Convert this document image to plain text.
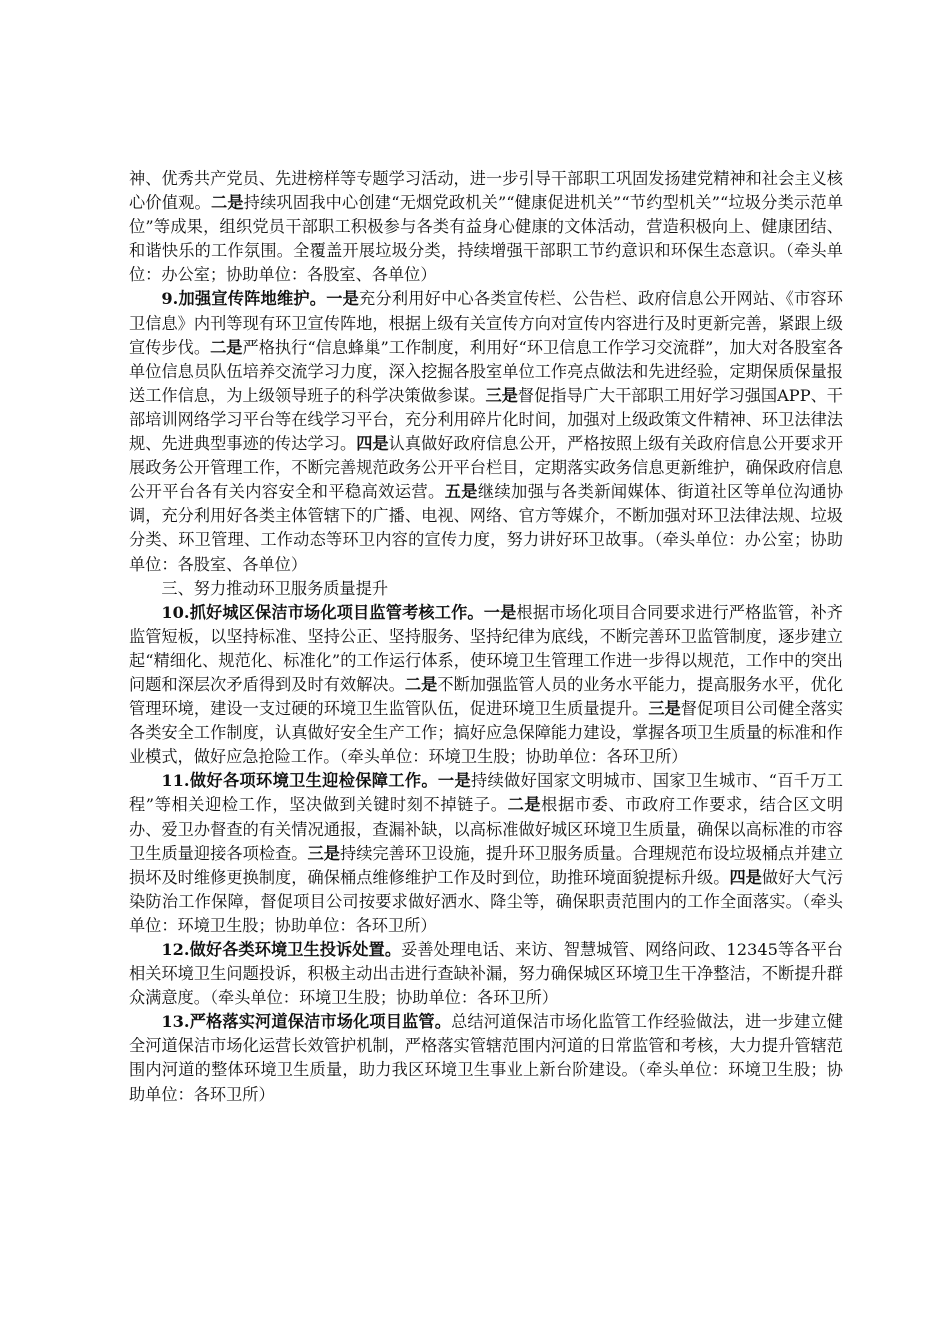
神、优秀共产党员、先进榜样等专题学习活动，进一步引导干部职工巩固发扬建党精神和社会主义核心价值观。二是持续巩固我中心创建“无烟党政机关”“健康促进机关”“节约型机关”“垃圾分类示范单位”等成果，组织党员干部职工积极参与各类有益身心健康的文体活动，营造积极向上、健康团结、和谐快乐的工作氛围。全覆盖开展垃圾分类，持续增强干部职工节约意识和环保生态意识。（牵头单位：办公室；协助单位：各股室、各单位）

9.加强宣传阵地维护。一是充分利用好中心各类宣传栏、公告栏、政府信息公开网站、《市容环卫信息》内刊等现有环卫宣传阵地，根据上级有关宣传方向对宣传内容进行及时更新完善，紧跟上级宣传步伐。二是严格执行“信息蜂巢”工作制度，利用好“环卫信息工作学习交流群”，加大对各股室各单位信息员队伍培养交流学习力度，深入挖掘各股室单位工作亮点做法和先进经验，定期保质保量报送工作信息，为上级领导班子的科学决策做参谋。三是督促指导广大干部职工用好学习强国APP、干部培训网络学习平台等在线学习平台，充分利用碎片化时间，加强对上级政策文件精神、环卫法律法规、先进典型事迹的传达学习。四是认真做好政府信息公开，严格按照上级有关政府信息公开要求开展政务公开管理工作，不断完善规范政务公开平台栏目，定期落实政务信息更新维护，确保政府信息公开平台各有关内容安全和平稳高效运营。五是继续加强与各类新闻媒体、街道社区等单位沟通协调，充分利用好各类主体管辖下的广播、电视、网络、官方等媒介，不断加强对环卫法律法规、垃圾分类、环卫管理、工作动态等环卫内容的宣传力度，努力讲好环卫故事。（牵头单位：办公室；协助单位：各股室、各单位）

三、努力推动环卫服务质量提升

10.抓好城区保洁市场化项目监管考核工作。一是根据市场化项目合同要求进行严格监管，补齐监管短板，以坚持标准、坚持公正、坚持服务、坚持纪律为底线，不断完善环卫监管制度，逐步建立起“精细化、规范化、标准化”的工作运行体系，使环境卫生管理工作进一步得以规范，工作中的突出问题和深层次矛盾得到及时有效解决。二是不断加强监管人员的业务水平能力，提高服务水平，优化管理环境，建设一支过硬的环境卫生监管队伍，促进环境卫生质量提升。三是督促项目公司健全落实各类安全工作制度，认真做好安全生产工作；搞好应急保障能力建设，掌握各项卫生质量的标准和作业模式，做好应急抢险工作。（牵头单位：环境卫生股；协助单位：各环卫所）

11.做好各项环境卫生迎检保障工作。一是持续做好国家文明城市、国家卫生城市、“百千万工程”等相关迎检工作，坚决做到关键时刻不掉链子。二是根据市委、市政府工作要求，结合区文明办、爱卫办督查的有关情况通报，查漏补缺，以高标准做好城区环境卫生质量，确保以高标准的市容卫生质量迎接各项检查。三是持续完善环卫设施，提升环卫服务质量。合理规范布设垃圾桶点并建立损坏及时维修更换制度，确保桶点维修维护工作及时到位，助推环境面貌提标升级。四是做好大气污染防治工作保障，督促项目公司按要求做好洒水、降尘等，确保职责范围内的工作全面落实。（牵头单位：环境卫生股；协助单位：各环卫所）

12.做好各类环境卫生投诉处置。妥善处理电话、来访、智慧城管、网络问政、12345等各平台相关环境卫生问题投诉，积极主动出击进行查缺补漏，努力确保城区环境卫生干净整洁，不断提升群众满意度。（牵头单位：环境卫生股；协助单位：各环卫所）

13.严格落实河道保洁市场化项目监管。总结河道保洁市场化监管工作经验做法，进一步建立健全河道保洁市场化运营长效管护机制，严格落实管辖范围内河道的日常监管和考核，大力提升管辖范围内河道的整体环境卫生质量，助力我区环境卫生事业上新台阶建设。（牵头单位：环境卫生股；协助单位：各环卫所）
